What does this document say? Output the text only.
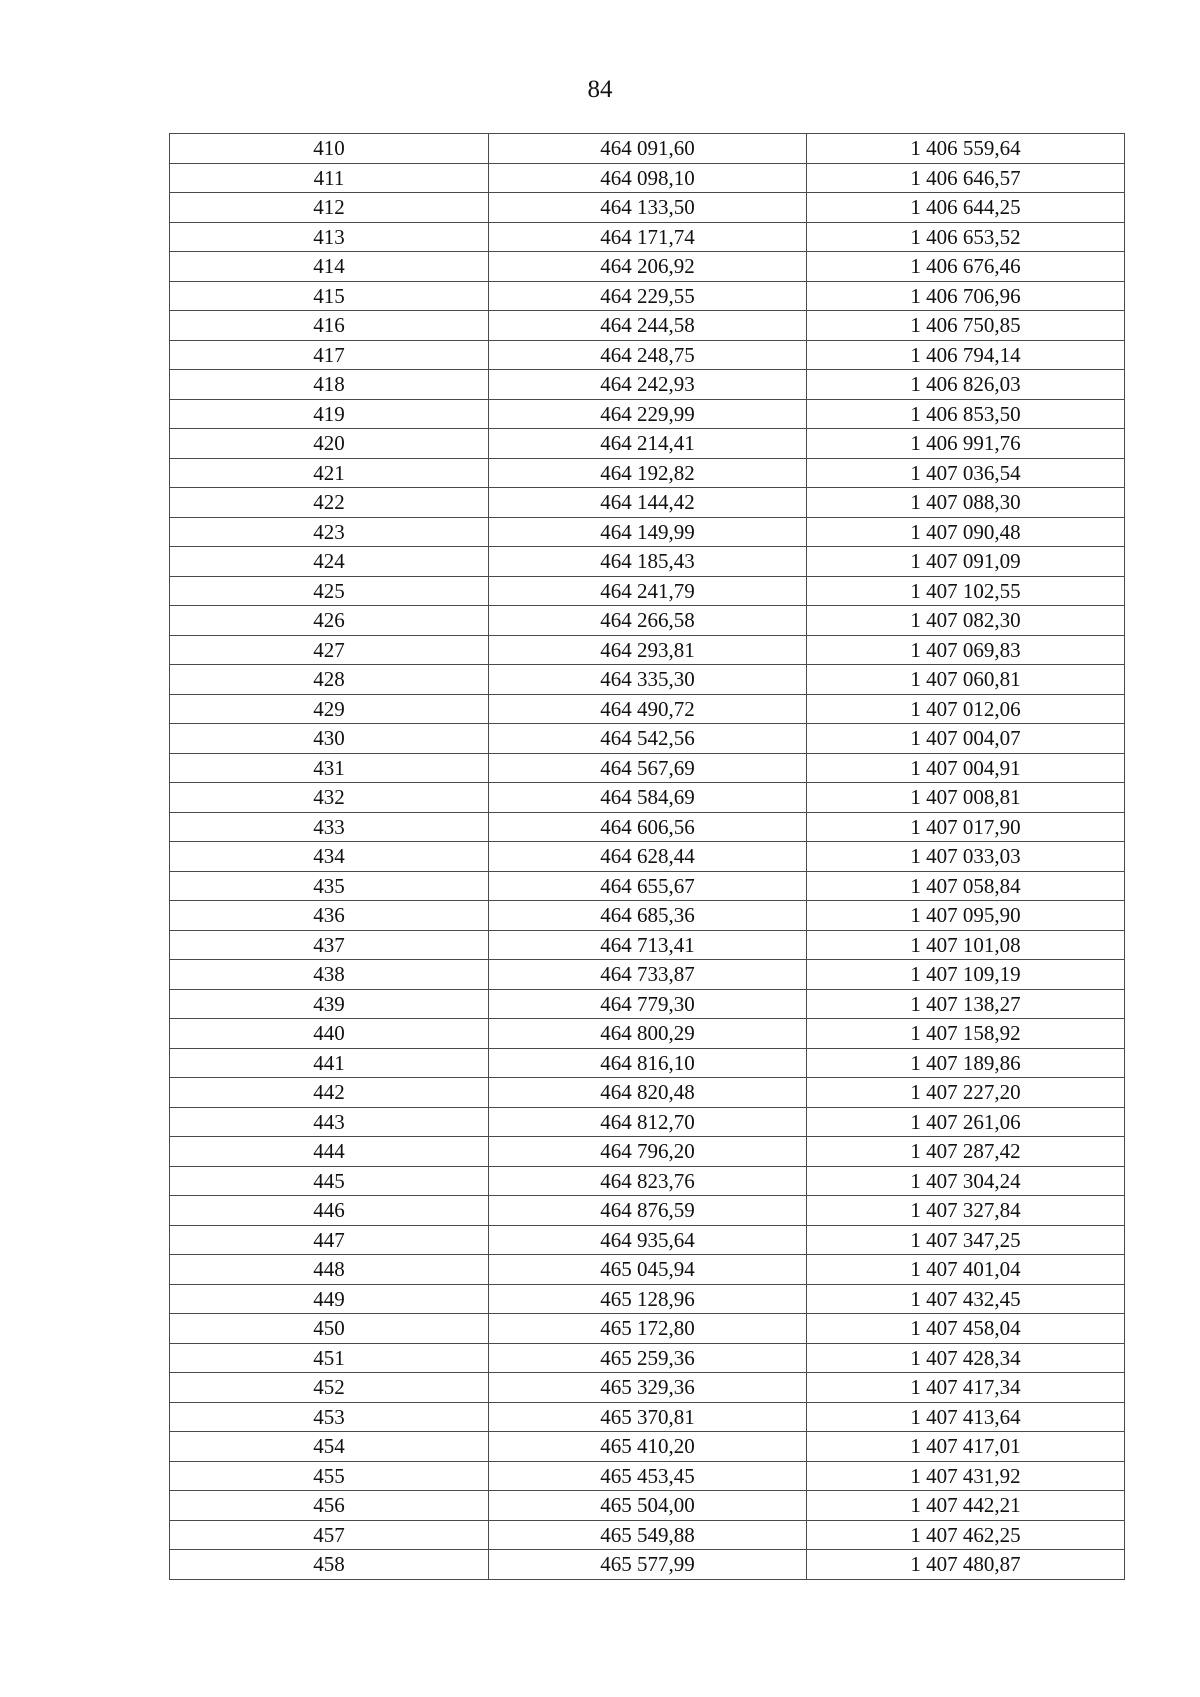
84
410	464 091,60	1 406 559,64
411	464 098,10	1 406 646,57
412	464 133,50	1 406 644,25
413	464 171,74	1 406 653,52
414	464 206,92	1 406 676,46
415	464 229,55	1 406 706,96
416	464 244,58	1 406 750,85
417	464 248,75	1 406 794,14
418	464 242,93	1 406 826,03
419	464 229,99	1 406 853,50
420	464 214,41	1 406 991,76
421	464 192,82	1 407 036,54
422	464 144,42	1 407 088,30
423	464 149,99	1 407 090,48
424	464 185,43	1 407 091,09
425	464 241,79	1 407 102,55
426	464 266,58	1 407 082,30
427	464 293,81	1 407 069,83
428	464 335,30	1 407 060,81
429	464 490,72	1 407 012,06
430	464 542,56	1 407 004,07
431	464 567,69	1 407 004,91
432	464 584,69	1 407 008,81
433	464 606,56	1 407 017,90
434	464 628,44	1 407 033,03
435	464 655,67	1 407 058,84
436	464 685,36	1 407 095,90
437	464 713,41	1 407 101,08
438	464 733,87	1 407 109,19
439	464 779,30	1 407 138,27
440	464 800,29	1 407 158,92
441	464 816,10	1 407 189,86
442	464 820,48	1 407 227,20
443	464 812,70	1 407 261,06
444	464 796,20	1 407 287,42
445	464 823,76	1 407 304,24
446	464 876,59	1 407 327,84
447	464 935,64	1 407 347,25
448	465 045,94	1 407 401,04
449	465 128,96	1 407 432,45
450	465 172,80	1 407 458,04
451	465 259,36	1 407 428,34
452	465 329,36	1 407 417,34
453	465 370,81	1 407 413,64
454	465 410,20	1 407 417,01
455	465 453,45	1 407 431,92
456	465 504,00	1 407 442,21
457	465 549,88	1 407 462,25
458	465 577,99	1 407 480,87
